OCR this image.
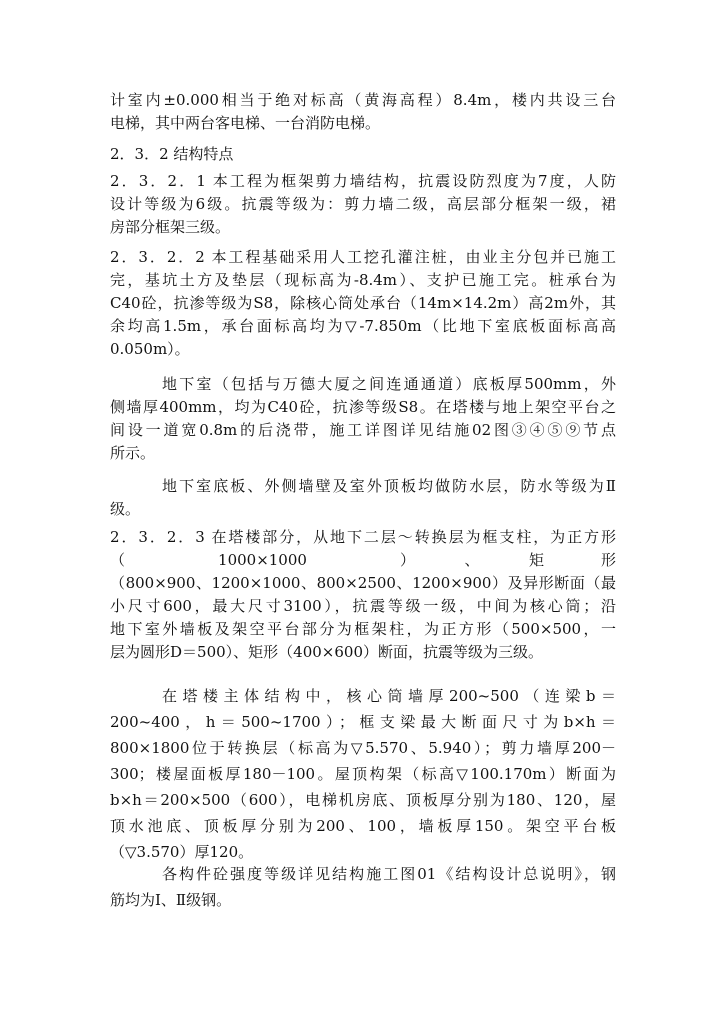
计室内±0.000相当于绝对标高（黄海高程）8.4m，楼内共设三台
电梯，其中两台客电梯、一台消防电梯。
2．3．2 结构特点
2．3．2．1 本工程为框架剪力墙结构，抗震设防烈度为7度，人防
设计等级为6级。抗震等级为：剪力墙二级，高层部分框架一级，裙
房部分框架三级。
2．3．2．2 本工程基础采用人工挖孔灌注桩，由业主分包并已施工
完，基坑土方及垫层（现标高为-8.4m）、支护已施工完。桩承台为
C40砼，抗渗等级为S8，除核心筒处承台（14m×14.2m）高2m外，其
余均高1.5m，承台面标高均为▽-7.850m（比地下室底板面标高高
0.050m）。
地下室（包括与万德大厦之间连通通道）底板厚500mm，外
侧墙厚400mm，均为C40砼，抗渗等级S8。在塔楼与地上架空平台之
间设一道宽0.8m的后浇带，施工详图详见结施02图③④⑤⑨节点
所示。
地下室底板、外侧墙壁及室外顶板均做防水层，防水等级为Ⅱ
级。
2．3．2．3 在塔楼部分，从地下二层～转换层为框支柱，为正方形
（　　1000×1000　　）　、　矩　形
（800×900、1200×1000、800×2500、1200×900）及异形断面（最
小尺寸600，最大尺寸3100），抗震等级一级，中间为核心筒；沿
地下室外墙板及架空平台部分为框架柱，为正方形（500×500，一
层为圆形D＝500）、矩形（400×600）断面，抗震等级为三级。
在塔楼主体结构中，核心筒墙厚200~500（连梁b＝
200~400，h＝500~1700）；框支梁最大断面尺寸为b×h＝
800×1800位于转换层（标高为▽5.570、5.940）；剪力墙厚200－
300；楼屋面板厚180－100。屋顶构架（标高▽100.170m）断面为
b×h＝200×500（600），电梯机房底、顶板厚分别为180、120，屋
顶水池底、顶板厚分别为200、100，墙板厚150。架空平台板
（▽3.570）厚120。
各构件砼强度等级详见结构施工图01《结构设计总说明》，钢
筋均为Ⅰ、Ⅱ级钢。
